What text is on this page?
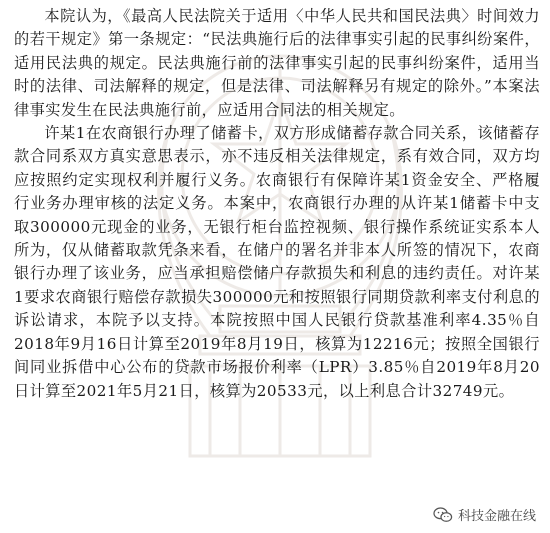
本院认为，《最高人民法院关于适用〈中华人民共和国民法典〉时间效力的若干规定》第一条规定：“民法典施行后的法律事实引起的民事纠纷案件，适用民法典的规定。民法典施行前的法律事实引起的民事纠纷案件，适用当时的法律、司法解释的规定，但是法律、司法解释另有规定的除外。”本案法律事实发生在民法典施行前，应适用合同法的相关规定。

许某1在农商银行办理了储蓄卡，双方形成储蓄存款合同关系，该储蓄存款合同系双方真实意思表示，亦不违反相关法律规定，系有效合同，双方均应按照约定实现权利并履行义务。农商银行有保障许某1资金安全、严格履行业务办理审核的法定义务。本案中，农商银行办理的从许某1储蓄卡中支取300000元现金的业务，无银行柜台监控视频、银行操作系统证实系本人所为，仅从储蓄取款凭条来看，在储户的署名并非本人所签的情况下，农商银行办理了该业务，应当承担赔偿储户存款损失和利息的违约责任。对许某1要求农商银行赔偿存款损失300000元和按照银行同期贷款利率支付利息的诉讼请求，本院予以支持。本院按照中国人民银行贷款基准利率4.35％自2018年9月16日计算至2019年8月19日，核算为12216元；按照全国银行间同业拆借中心公布的贷款市场报价利率（LPR）3.85％自2019年8月20日计算至2021年5月21日，核算为20533元，以上利息合计32749元。

科技金融在线
